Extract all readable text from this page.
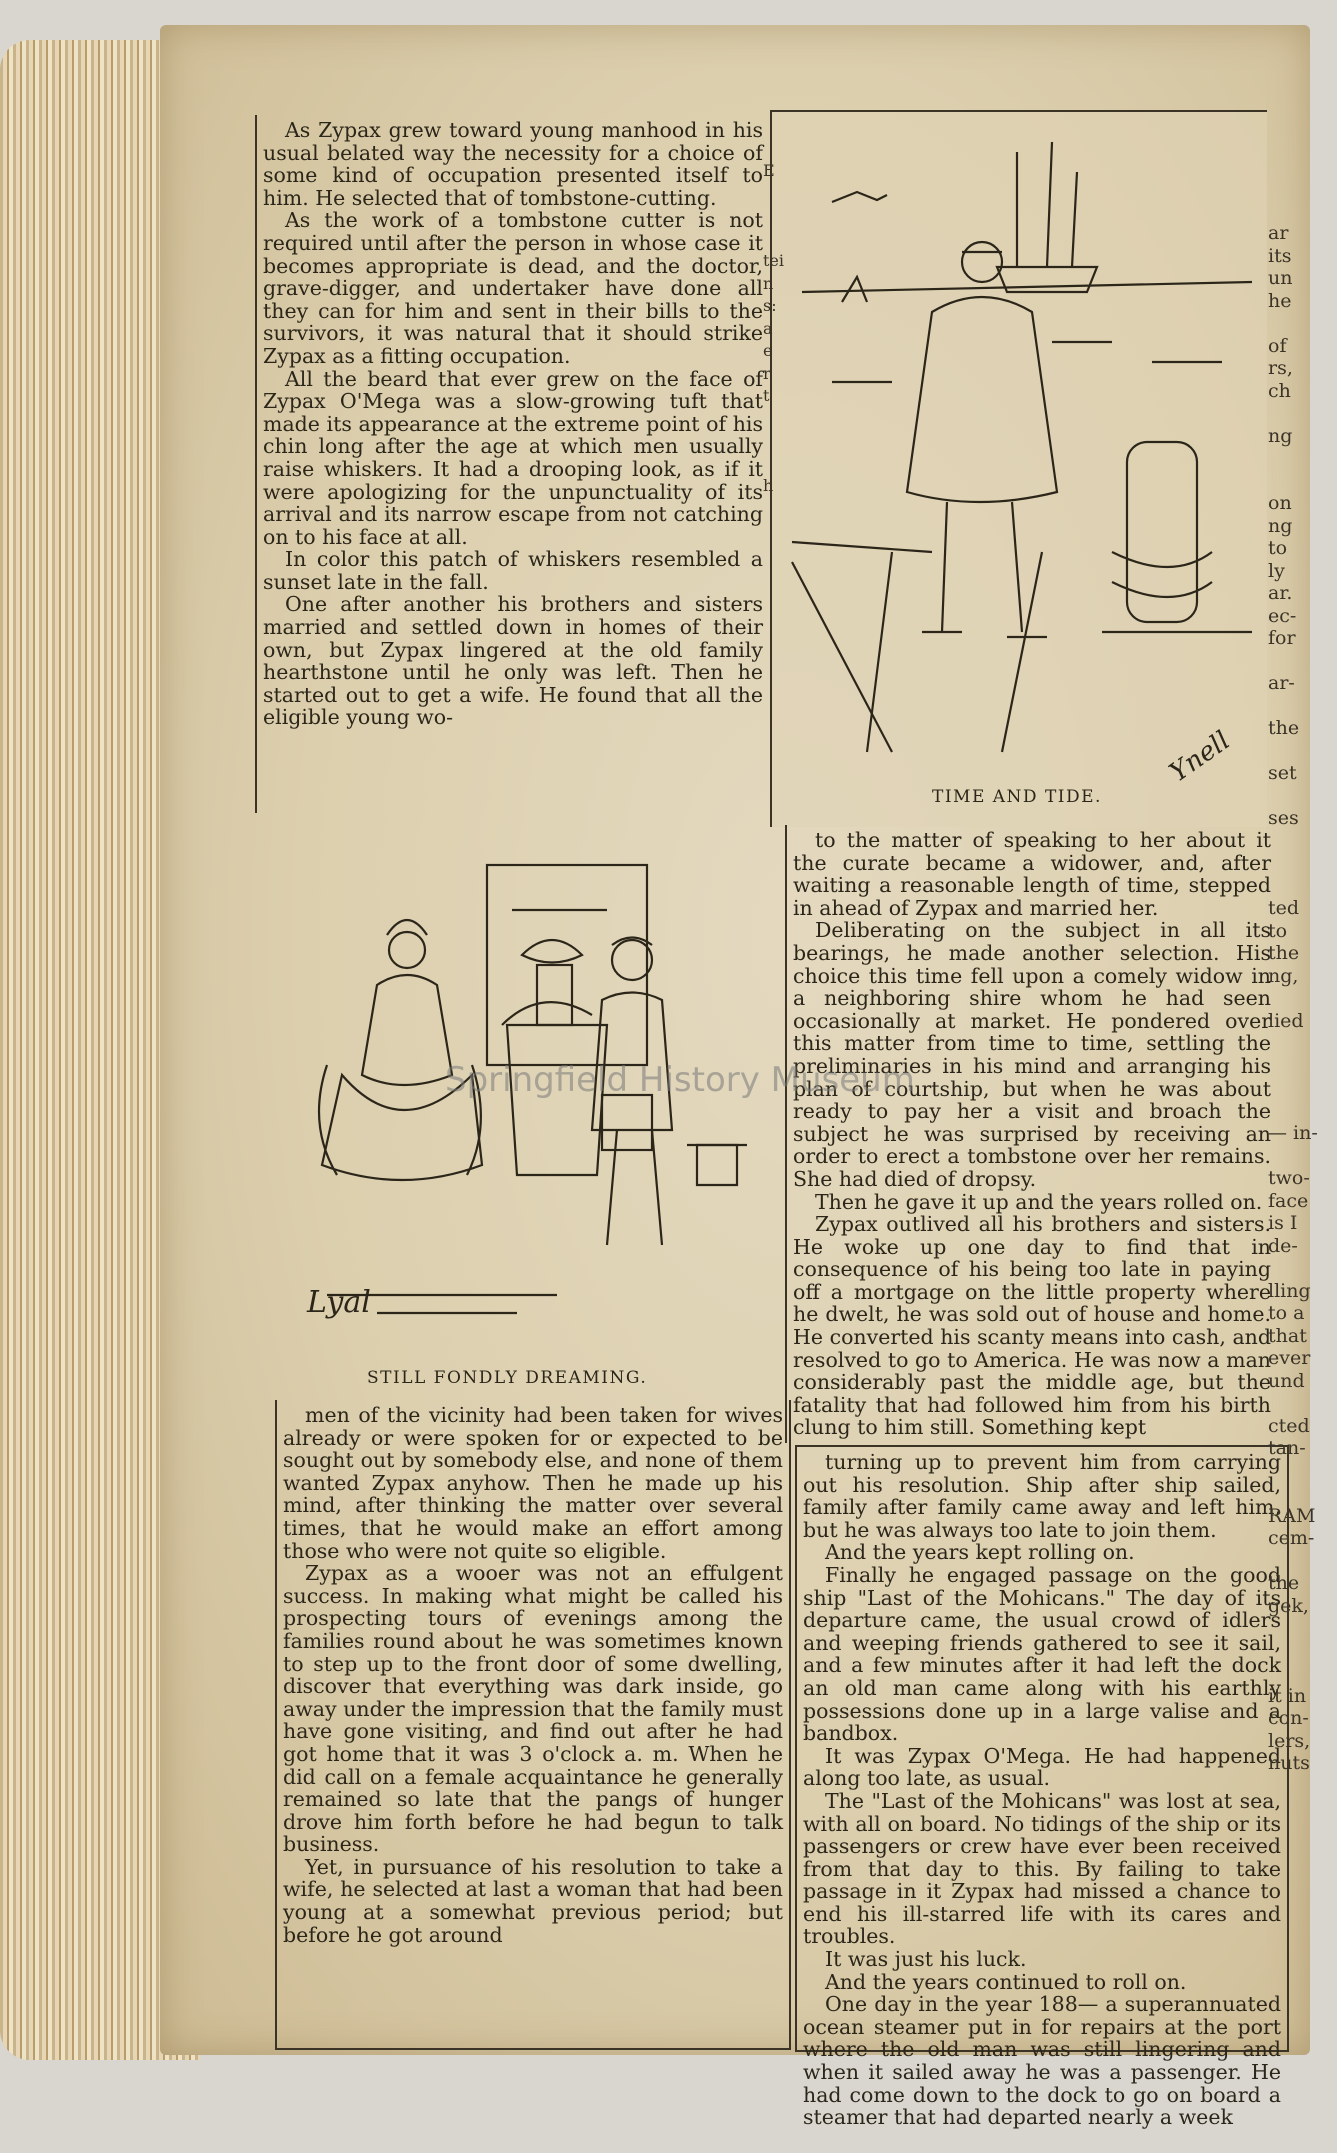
As Zypax grew toward young manhood in his usual belated way the necessity for a choice of some kind of occupation presented itself to him. He selected that of tombstone-cutting.

As the work of a tombstone cutter is not required until after the person in whose case it becomes appropriate is dead, and the doctor, grave-digger, and undertaker have done all they can for him and sent in their bills to the survivors, it was natural that it should strike Zypax as a fitting occupation.

All the beard that ever grew on the face of Zypax O'Mega was a slow-growing tuft that made its appearance at the extreme point of his chin long after the age at which men usually raise whiskers. It had a drooping look, as if it were apologizing for the unpunctuality of its arrival and its narrow escape from not catching on to his face at all.

In color this patch of whiskers resembled a sunset late in the fall.

One after another his brothers and sisters married and settled down in homes of their own, but Zypax lingered at the old family hearthstone until he only was left. Then he started out to get a wife. He found that all the eligible young wo-

Lyal
STILL FONDLY DREAMING.

men of the vicinity had been taken for wives already or were spoken for or expected to be sought out by somebody else, and none of them wanted Zypax anyhow. Then he made up his mind, after thinking the matter over several times, that he would make an effort among those who were not quite so eligible.

Zypax as a wooer was not an effulgent success. In making what might be called his prospecting tours of evenings among the families round about he was sometimes known to step up to the front door of some dwelling, discover that everything was dark inside, go away under the impression that the family must have gone visiting, and find out after he had got home that it was 3 o'clock a. m. When he did call on a female acquaintance he generally remained so late that the pangs of hunger drove him forth before he had begun to talk business.

Yet, in pursuance of his resolution to take a wife, he selected at last a woman that had been young at a somewhat previous period; but before he got around

Ynell
TIME AND TIDE.

to the matter of speaking to her about it the curate became a widower, and, after waiting a reasonable length of time, stepped in ahead of Zypax and married her.

Deliberating on the subject in all its bearings, he made another selection. His choice this time fell upon a comely widow in a neighboring shire whom he had seen occasionally at market. He pondered over this matter from time to time, settling the preliminaries in his mind and arranging his plan of courtship, but when he was about ready to pay her a visit and broach the subject he was surprised by receiving an order to erect a tombstone over her remains. She had died of dropsy.

Then he gave it up and the years rolled on.

Zypax outlived all his brothers and sisters. He woke up one day to find that in consequence of his being too late in paying off a mortgage on the little property where he dwelt, he was sold out of house and home. He converted his scanty means into cash, and resolved to go to America. He was now a man considerably past the middle age, but the fatality that had followed him from his birth clung to him still. Something kept

turning up to prevent him from carrying out his resolution. Ship after ship sailed, family after family came away and left him, but he was always too late to join them.

And the years kept rolling on.

Finally he engaged passage on the good ship "Last of the Mohicans." The day of its departure came, the usual crowd of idlers and weeping friends gathered to see it sail, and a few minutes after it had left the dock an old man came along with his earthly possessions done up in a large valise and a bandbox.

It was Zypax O'Mega. He had happened along too late, as usual.

The "Last of the Mohicans" was lost at sea, with all on board. No tidings of the ship or its passengers or crew have ever been received from that day to this. By failing to take passage in it Zypax had missed a chance to end his ill-starred life with its cares and troubles.

It was just his luck.

And the years continued to roll on.

One day in the year 188— a superannuated ocean steamer put in for repairs at the port where the old man was still lingering and when it sailed away he was a passenger. He had come down to the dock to go on board a steamer that had departed nearly a week

ar
its
un
he

of
rs,
ch

ng

on
ng
to
ly
ar.
ec-
for

ar-

the

set

ses

ted
to
the
ng,

lied

— in-

two-
face
is I
de-

lling
to a
that
ever
und

cted
tan-

RAM
cem-

the
gek,

it in
con-
lers,
nuts
E

tei
n
s:
a
e
r
t

h
Springfield History Museum
